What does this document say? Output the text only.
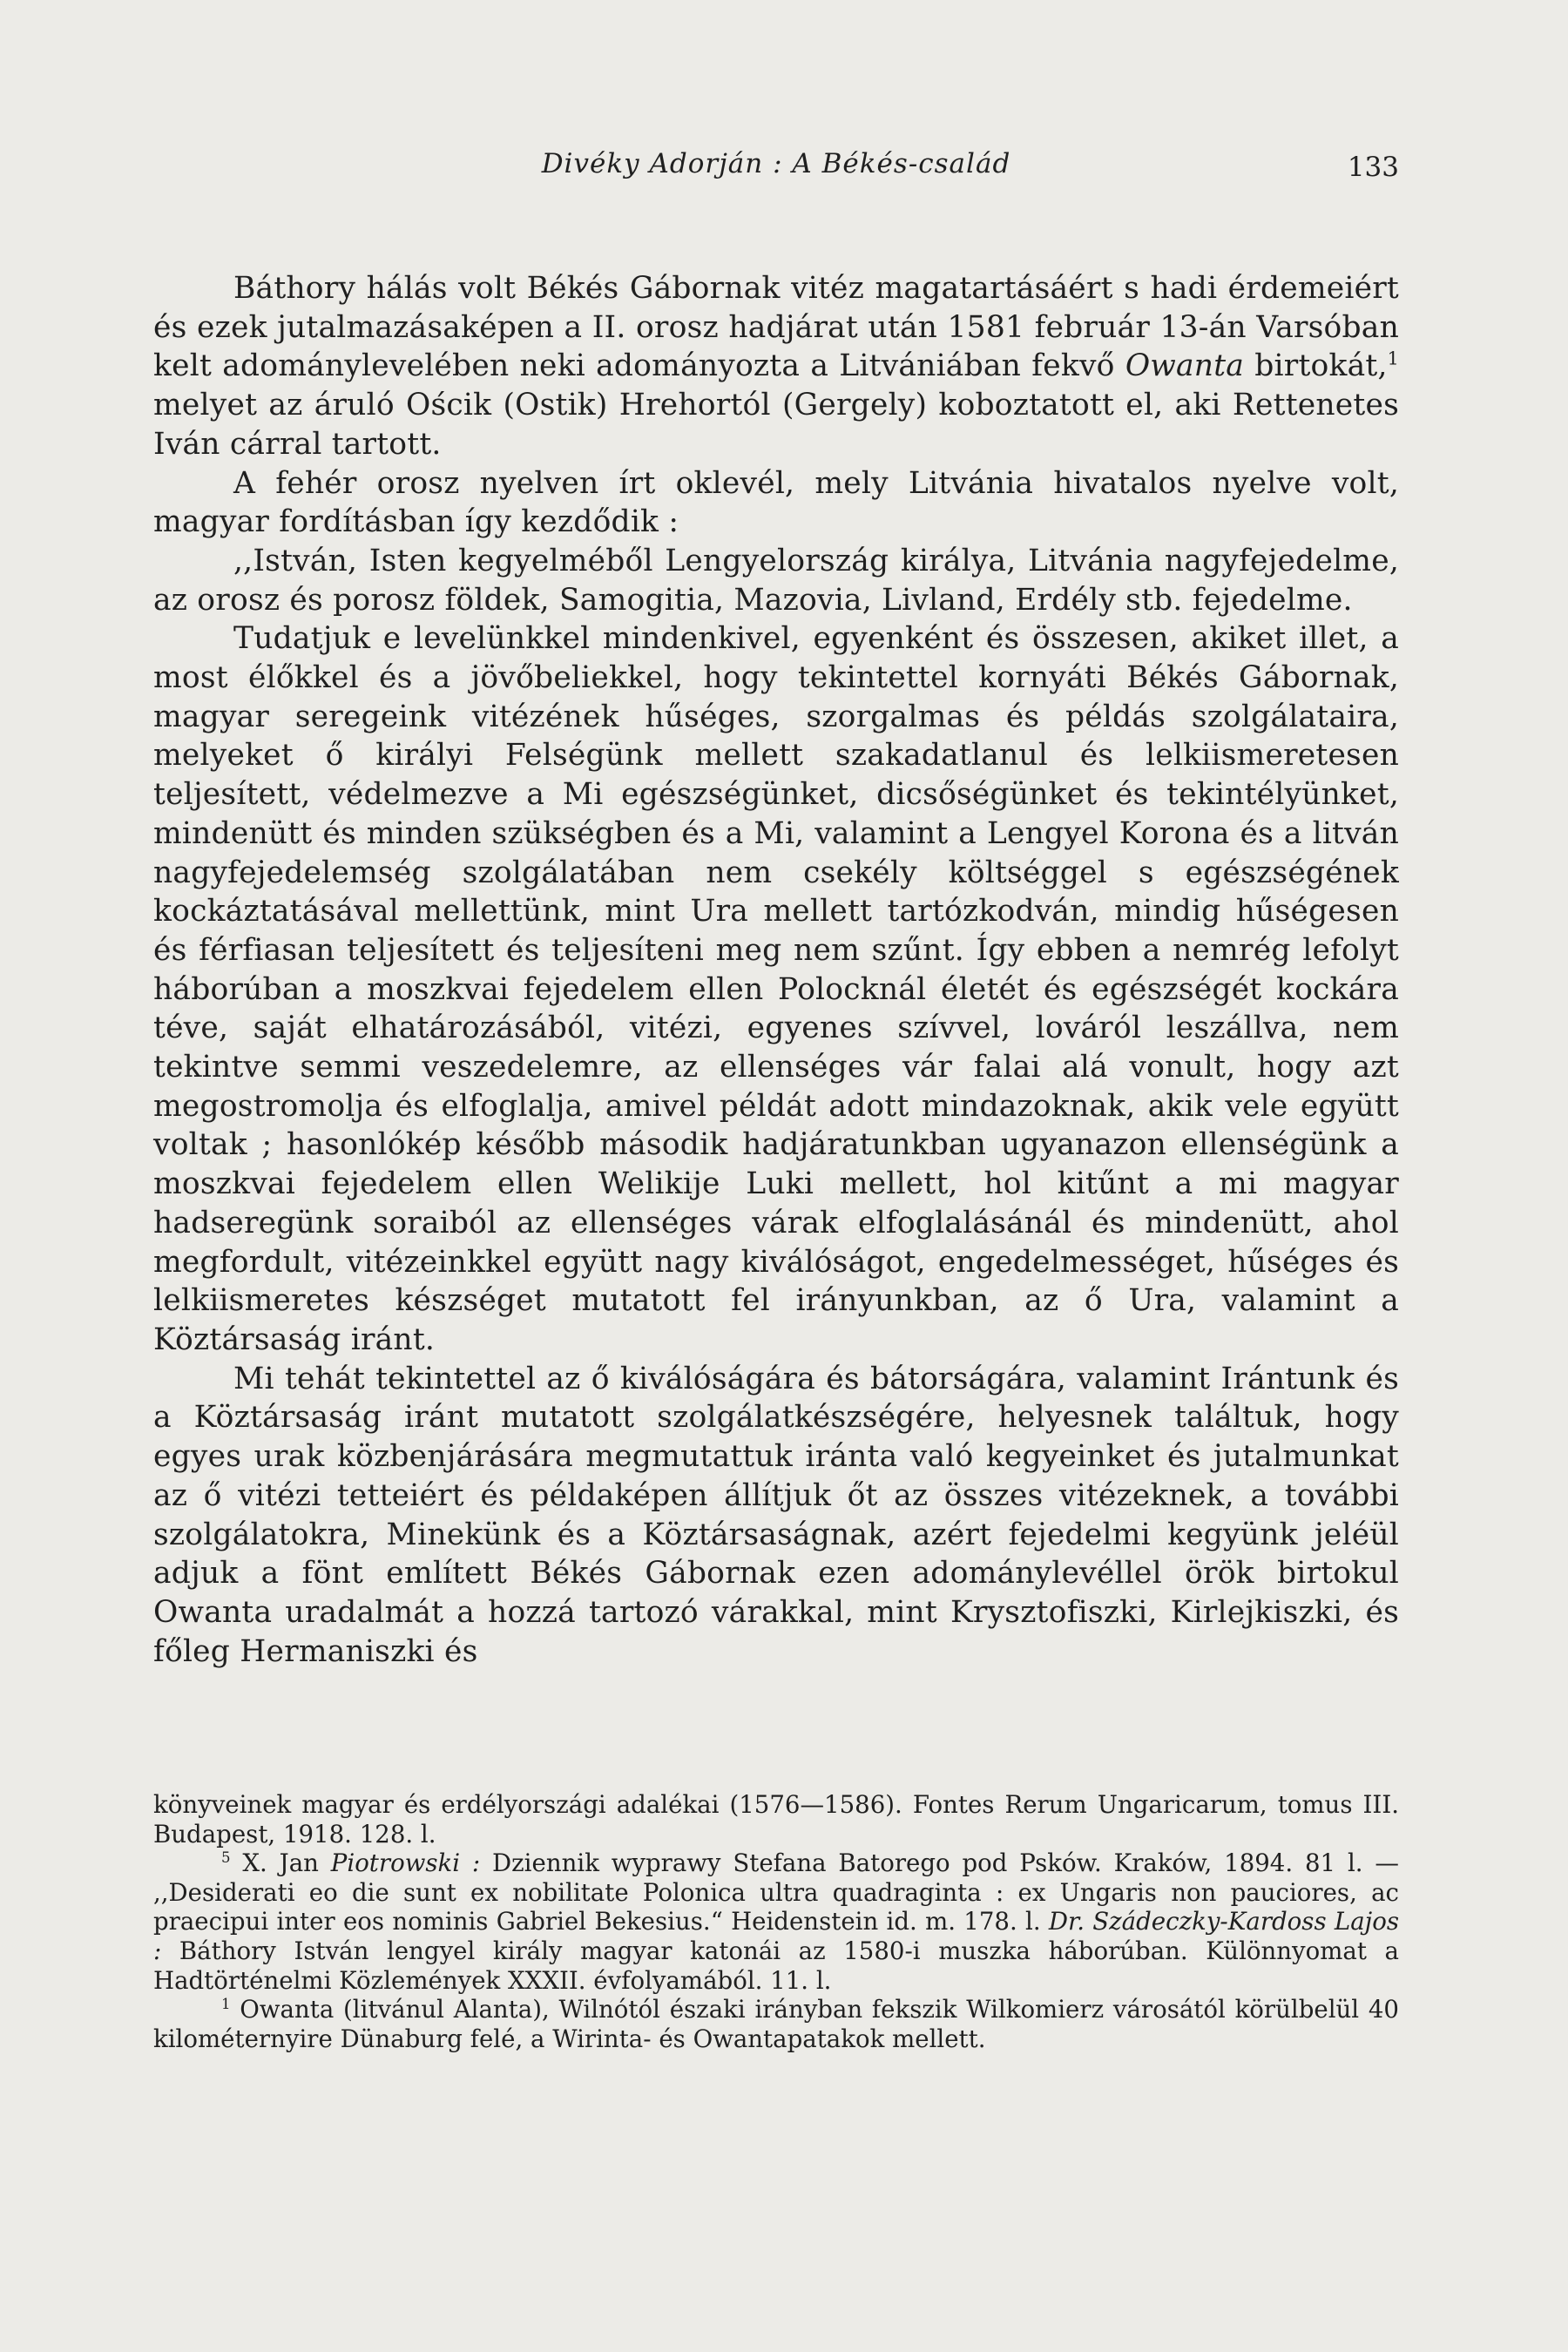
Divéky Adorján : A Békés-család	133

Báthory hálás volt Békés Gábornak vitéz magatartásáért s hadi érdemeiért és ezek jutalmazásaképen a II. orosz hadjárat után 1581 február 13-án Varsóban kelt adománylevelében neki adományozta a Litvániában fekvő Owanta birtokát,$^1$ melyet az áruló Ościk (Ostik) Hrehortól (Gergely) koboztatott el, aki Rettenetes Iván cárral tartott.

A fehér orosz nyelven írt oklevél, mely Litvánia hivatalos nyelve volt, magyar fordításban így kezdődik :

,,István, Isten kegyelméből Lengyelország királya, Litvánia nagyfejedelme, az orosz és porosz földek, Samogitia, Mazovia, Livland, Erdély stb. fejedelme.

Tudatjuk e levelünkkel mindenkivel, egyenként és összesen, akiket illet, a most élőkkel és a jövőbeliekkel, hogy tekintettel kornyáti Békés Gábornak, magyar seregeink vitézének hűséges, szorgalmas és példás szolgálataira, melyeket ő királyi Felségünk mellett szakadatlanul és lelkiismeretesen teljesített, védelmezve a Mi egészségünket, dicsőségünket és tekintélyünket, mindenütt és minden szükségben és a Mi, valamint a Lengyel Korona és a litván nagyfejedelemség szolgálatában nem csekély költséggel s egészségének kockáztatásával mellettünk, mint Ura mellett tartózkodván, mindig hűségesen és férfiasan teljesített és teljesíteni meg nem szűnt. Így ebben a nemrég lefolyt háborúban a moszkvai fejedelem ellen Polocknál életét és egészségét kockára téve, saját elhatározásából, vitézi, egyenes szívvel, lováról leszállva, nem tekintve semmi veszedelemre, az ellenséges vár falai alá vonult, hogy azt megostromolja és elfoglalja, amivel példát adott mindazoknak, akik vele együtt voltak ; hasonlókép később második hadjáratunkban ugyanazon ellenségünk a moszkvai fejedelem ellen Welikije Luki mellett, hol kitűnt a mi magyar hadseregünk soraiból az ellenséges várak elfoglalásánál és mindenütt, ahol megfordult, vitézeinkkel együtt nagy kiválóságot, engedelmességet, hűséges és lelkiismeretes készséget mutatott fel irányunkban, az ő Ura, valamint a Köztársaság iránt.

Mi tehát tekintettel az ő kiválóságára és bátorságára, valamint Irántunk és a Köztársaság iránt mutatott szolgálatkészségére, helyesnek találtuk, hogy egyes urak közbenjárására megmutattuk iránta való kegyeinket és jutalmunkat az ő vitézi tetteiért és példaképen állítjuk őt az összes vitézeknek, a további szolgálatokra, Minekünk és a Köztársaságnak, azért fejedelmi kegyünk jeléül adjuk a fönt említett Békés Gábornak ezen adománylevéllel örök birtokul Owanta uradalmát a hozzá tartozó várakkal, mint Krysztofiszki, Kirlejkiszki, és főleg Hermaniszki és

könyveinek magyar és erdélyországi adalékai (1576—1586). Fontes Rerum Ungaricarum, tomus III. Budapest, 1918. 128. l.

$^5$ X. Jan Piotrowski : Dziennik wyprawy Stefana Batorego pod Psków. Kraków, 1894. 81 l. — ,,Desiderati eo die sunt ex nobilitate Polonica ultra quadraginta : ex Ungaris non pauciores, ac praecipui inter eos nominis Gabriel Bekesius.“ Heidenstein id. m. 178. l. Dr. Szádeczky-Kardoss Lajos : Báthory István lengyel király magyar katonái az 1580-i muszka háborúban. Különnyomat a Hadtörténelmi Közlemények XXXII. évfolyamából. 11. l.

$^1$ Owanta (litvánul Alanta), Wilnótól északi irányban fekszik Wilkomierz városától körülbelül 40 kilométernyire Dünaburg felé, a Wirinta- és Owantapatakok mellett.
